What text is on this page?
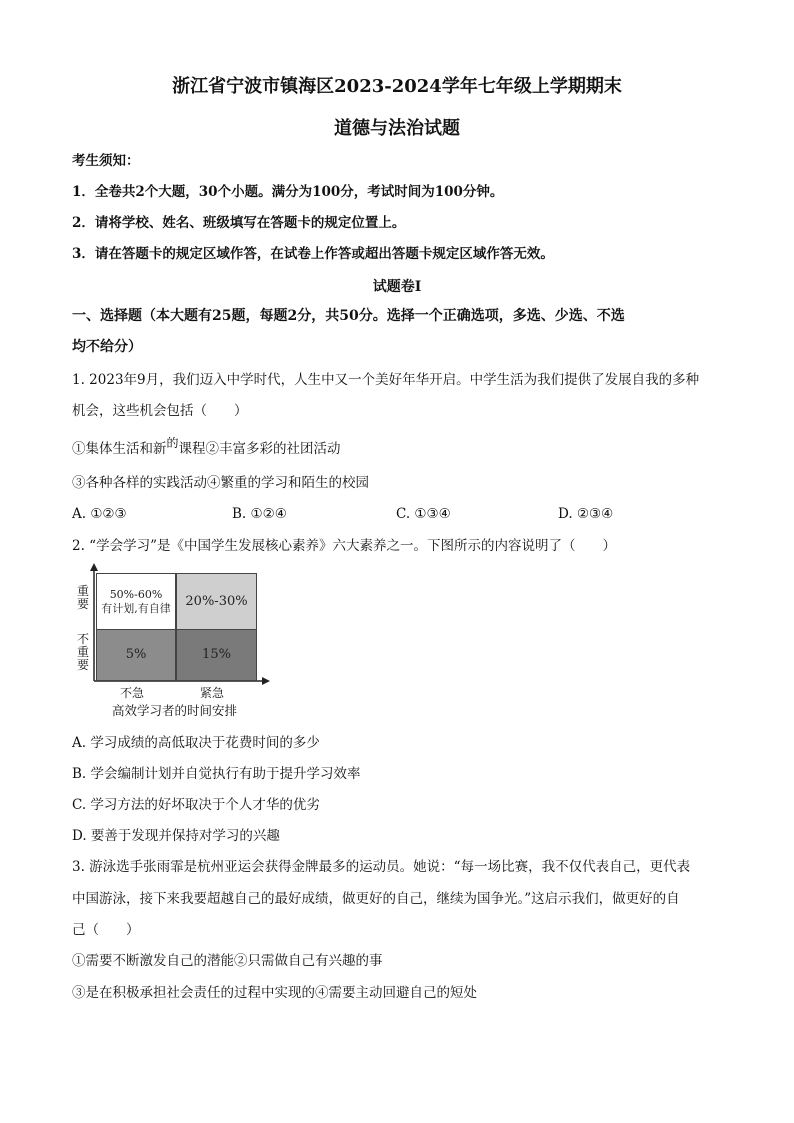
浙江省宁波市镇海区2023-2024学年七年级上学期期末
道德与法治试题
考生须知：
1．全卷共2个大题，30个小题。满分为100分，考试时间为100分钟。
2．请将学校、姓名、班级填写在答题卡的规定位置上。
3．请在答题卡的规定区域作答，在试卷上作答或超出答题卡规定区域作答无效。
试题卷Ⅰ
一、选择题（本大题有25题，每题2分，共50分。选择一个正确选项，多选、少选、不选
均不给分）
1. 2023年9月，我们迈入中学时代，人生中又一个美好年华开启。中学生活为我们提供了发展自我的多种
机会，这些机会包括（　　）
①集体生活和新的课程②丰富多彩的社团活动
③各种各样的实践活动④繁重的学习和陌生的校园
A. ①②③	B. ①②④	C. ①③④	D. ②③④
2. “学会学习”是《中国学生发展核心素养》六大素养之一。下图所示的内容说明了（　　）
50%-60%
有计划,有自律 20%-30%
5%	15%
重要
不重要
不急	紧急
高效学习者的时间安排
A. 学习成绩的高低取决于花费时间的多少
B. 学会编制计划并自觉执行有助于提升学习效率
C. 学习方法的好坏取决于个人才华的优劣
D. 要善于发现并保持对学习的兴趣
3. 游泳选手张雨霏是杭州亚运会获得金牌最多的运动员。她说：“每一场比赛，我不仅代表自己，更代表
中国游泳，接下来我要超越自己的最好成绩，做更好的自己，继续为国争光。”这启示我们，做更好的自
己（　　）
①需要不断激发自己的潜能②只需做自己有兴趣的事
③是在积极承担社会责任的过程中实现的④需要主动回避自己的短处
